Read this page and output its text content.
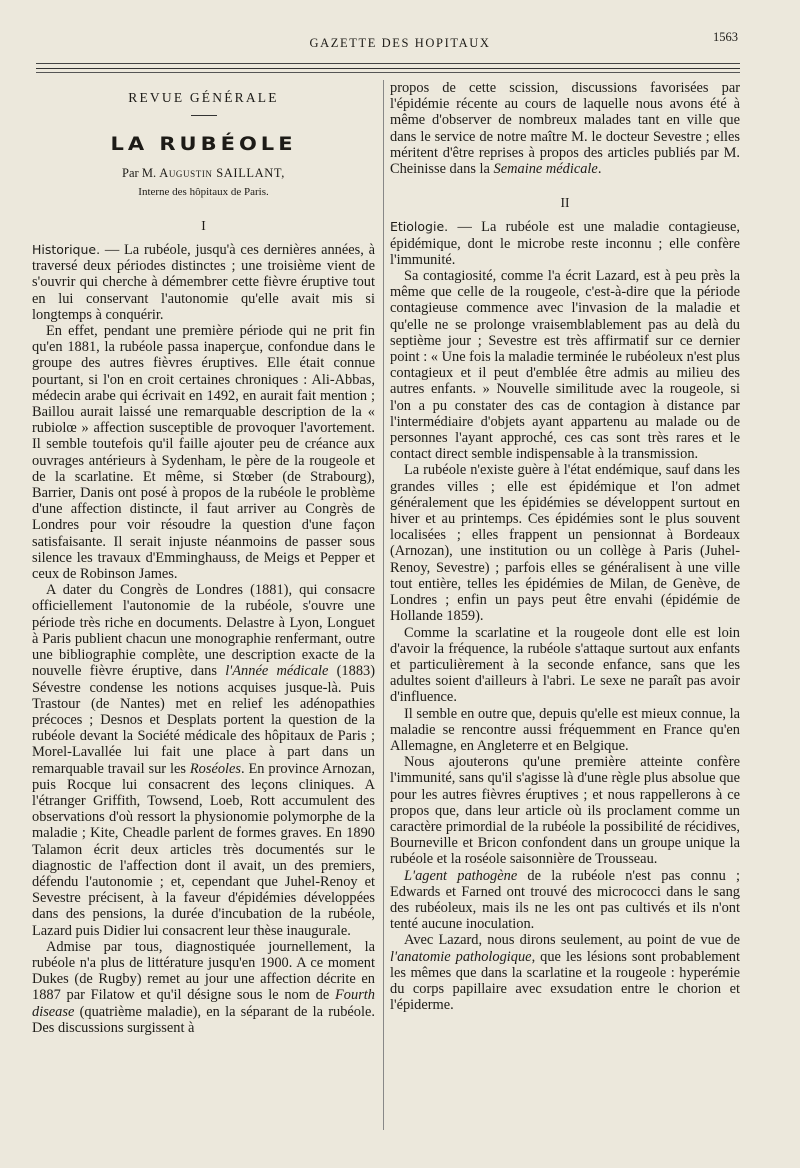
GAZETTE DES HOPITAUX	1563
REVUE GÉNÉRALE
LA RUBÉOLE
Par M. Augustin SAILLANT,
Interne des hôpitaux de Paris.
I

Historique. — La rubéole, jusqu'à ces dernières années, à traversé deux périodes distinctes ; une troisième vient de s'ouvrir qui cherche à démembrer cette fièvre éruptive tout en lui conservant l'autonomie qu'elle avait mis si longtemps à conquérir.

En effet, pendant une première période qui ne prit fin qu'en 1881, la rubéole passa inaperçue, confondue dans le groupe des autres fièvres éruptives. Elle était connue pourtant, si l'on en croit certaines chroniques : Ali-Abbas, médecin arabe qui écrivait en 1492, en aurait fait mention ; Baillou aurait laissé une remarquable description de la « rubiolœ » affection susceptible de provoquer l'avortement. Il semble toutefois qu'il faille ajouter peu de créance aux ouvrages antérieurs à Sydenham, le père de la rougeole et de la scarlatine. Et même, si Stœber (de Strabourg), Barrier, Danis ont posé à propos de la rubéole le problème d'une affection distincte, il faut arriver au Congrès de Londres pour voir résoudre la question d'une façon satisfaisante. Il serait injuste néanmoins de passer sous silence les travaux d'Emminghauss, de Meigs et Pepper et ceux de Robinson James.

A dater du Congrès de Londres (1881), qui consacre officiellement l'autonomie de la rubéole, s'ouvre une période très riche en documents. Delastre à Lyon, Longuet à Paris publient chacun une monographie renfermant, outre une bibliographie complète, une description exacte de la nouvelle fièvre éruptive, dans l'Année médicale (1883) Sévestre condense les notions acquises jusque-là. Puis Trastour (de Nantes) met en relief les adénopathies précoces ; Desnos et Desplats portent la question de la rubéole devant la Société médicale des hôpitaux de Paris ; Morel-Lavallée lui fait une place à part dans un remarquable travail sur les Roséoles. En province Arnozan, puis Rocque lui consacrent des leçons cliniques. A l'étranger Griffith, Towsend, Loeb, Rott accumulent des observations d'où ressort la physionomie polymorphe de la maladie ; Kite, Cheadle parlent de formes graves. En 1890 Talamon écrit deux articles très documentés sur le diagnostic de l'affection dont il avait, un des premiers, défendu l'autonomie ; et, cependant que Juhel-Renoy et Sevestre précisent, à la faveur d'épidémies développées dans des pensions, la durée d'incubation de la rubéole, Lazard puis Didier lui consacrent leur thèse inaugurale.

Admise par tous, diagnostiquée journellement, la rubéole n'a plus de littérature jusqu'en 1900. A ce moment Dukes (de Rugby) remet au jour une affection décrite en 1887 par Filatow et qu'il désigne sous le nom de Fourth disease (quatrième maladie), en la séparant de la rubéole. Des discussions surgissent à

propos de cette scission, discussions favorisées par l'épidémie récente au cours de laquelle nous avons été à même d'observer de nombreux malades tant en ville que dans le service de notre maître M. le docteur Sevestre ; elles méritent d'être reprises à propos des articles publiés par M. Cheinisse dans la Semaine médicale.

II

Etiologie. — La rubéole est une maladie contagieuse, épidémique, dont le microbe reste inconnu ; elle confère l'immunité.

Sa contagiosité, comme l'a écrit Lazard, est à peu près la même que celle de la rougeole, c'est-à-dire que la période contagieuse commence avec l'invasion de la maladie et qu'elle ne se prolonge vraisemblablement pas au delà du septième jour ; Sevestre est très affirmatif sur ce dernier point : « Une fois la maladie terminée le rubéoleux n'est plus contagieux et il peut d'emblée être admis au milieu des autres enfants. » Nouvelle similitude avec la rougeole, si l'on a pu constater des cas de contagion à distance par l'intermédiaire d'objets ayant appartenu au malade ou de personnes l'ayant approché, ces cas sont très rares et le contact direct semble indispensable à la transmission.

La rubéole n'existe guère à l'état endémique, sauf dans les grandes villes ; elle est épidémique et l'on admet généralement que les épidémies se développent surtout en hiver et au printemps. Ces épidémies sont le plus souvent localisées ; elles frappent un pensionnat à Bordeaux (Arnozan), une institution ou un collège à Paris (Juhel-Renoy, Sevestre) ; parfois elles se généralisent à une ville tout entière, telles les épidémies de Milan, de Genève, de Londres ; enfin un pays peut être envahi (épidémie de Hollande 1859).

Comme la scarlatine et la rougeole dont elle est loin d'avoir la fréquence, la rubéole s'attaque surtout aux enfants et particulièrement à la seconde enfance, sans que les adultes soient d'ailleurs à l'abri. Le sexe ne paraît pas avoir d'influence.

Il semble en outre que, depuis qu'elle est mieux connue, la maladie se rencontre aussi fréquemment en France qu'en Allemagne, en Angleterre et en Belgique.

Nous ajouterons qu'une première atteinte confère l'immunité, sans qu'il s'agisse là d'une règle plus absolue que pour les autres fièvres éruptives ; et nous rappellerons à ce propos que, dans leur article où ils proclament comme un caractère primordial de la rubéole la possibilité de récidives, Bourneville et Bricon confondent dans un groupe unique la rubéole et la roséole saisonnière de Trousseau.

L'agent pathogène de la rubéole n'est pas connu ; Edwards et Farned ont trouvé des micrococci dans le sang des rubéoleux, mais ils ne les ont pas cultivés et ils n'ont tenté aucune inoculation.

Avec Lazard, nous dirons seulement, au point de vue de l'anatomie pathologique, que les lésions sont probablement les mêmes que dans la scarlatine et la rougeole : hyperémie du corps papillaire avec exsudation entre le chorion et l'épiderme.
